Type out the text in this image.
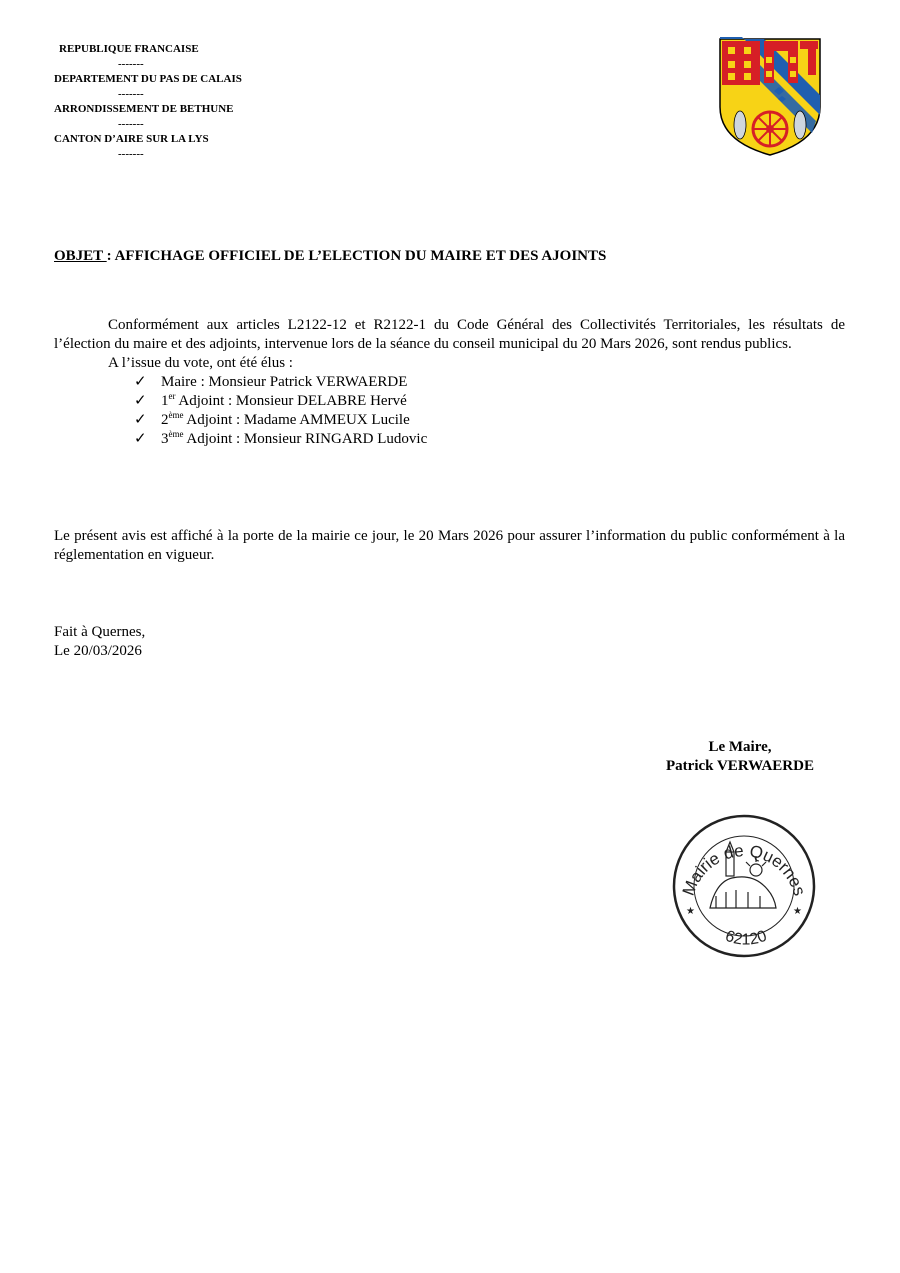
REPUBLIQUE FRANCAISE
-------
DEPARTEMENT DU PAS DE CALAIS
-------
ARRONDISSEMENT DE BETHUNE
-------
CANTON D’AIRE SUR LA LYS
-------
OBJET : AFFICHAGE OFFICIEL DE L’ELECTION DU MAIRE ET DES AJOINTS

Conformément aux articles L2122-12 et R2122-1 du Code Général des Collectivités Territoriales, les résultats de l’élection du maire et des adjoints, intervenue lors de la séance du conseil municipal du 20 Mars 2026, sont rendus publics.

A l’issue du vote, ont été élus :

✓ Maire : Monsieur Patrick VERWAERDE
✓ 1er Adjoint : Monsieur DELABRE Hervé
✓ 2ème Adjoint : Madame AMMEUX Lucile
✓ 3ème Adjoint : Monsieur RINGARD Ludovic

Le présent avis est affiché à la porte de la mairie ce jour, le 20 Mars 2026 pour assurer l’information du public conformément à la réglementation en vigueur.

Fait à Quernes,
Le 20/03/2026
Le Maire,
Patrick VERWAERDE
Mairie de Quernes
62120
★	★
